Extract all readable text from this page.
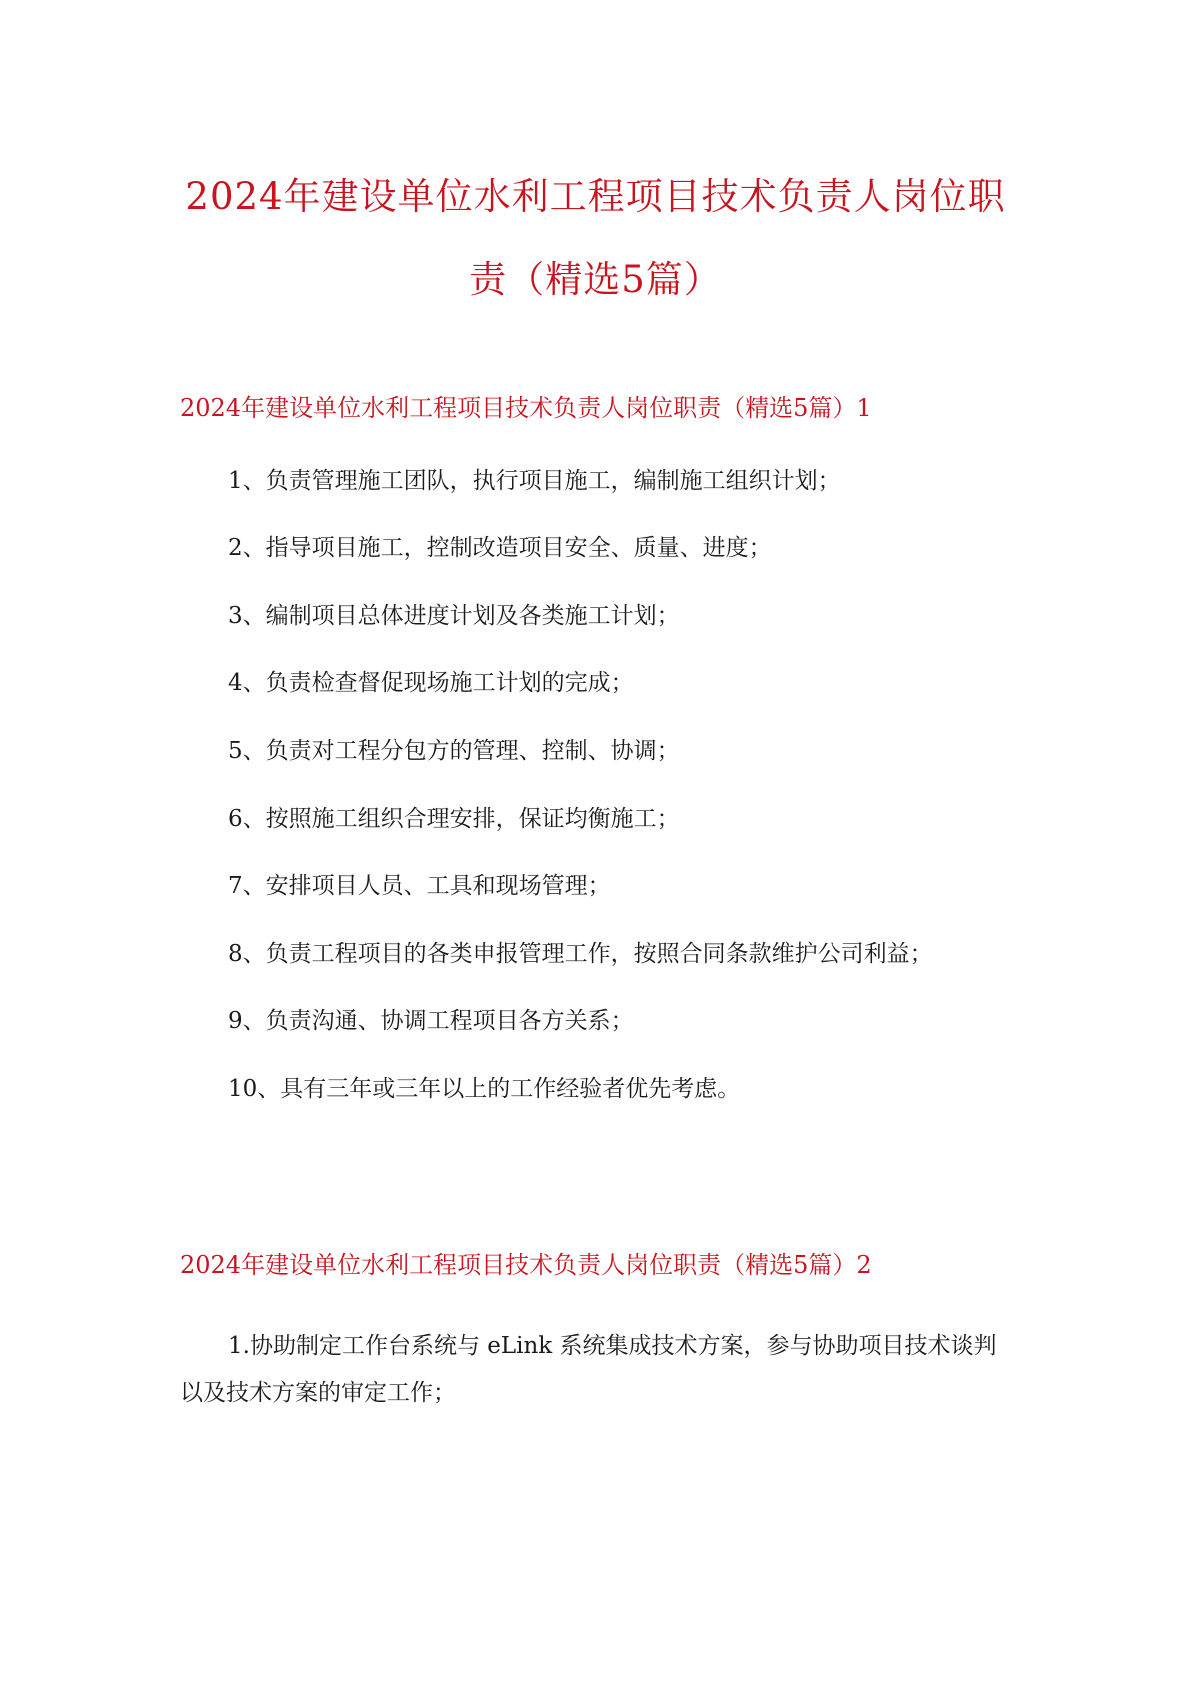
2024年建设单位水利工程项目技术负责人岗位职
责（精选5篇）
2024年建设单位水利工程项目技术负责人岗位职责（精选5篇）1

1、负责管理施工团队，执行项目施工，编制施工组织计划；

2、指导项目施工，控制改造项目安全、质量、进度；

3、编制项目总体进度计划及各类施工计划；

4、负责检查督促现场施工计划的完成；

5、负责对工程分包方的管理、控制、协调；

6、按照施工组织合理安排，保证均衡施工；

7、安排项目人员、工具和现场管理；

8、负责工程项目的各类申报管理工作，按照合同条款维护公司利益；

9、负责沟通、协调工程项目各方关系；

10、具有三年或三年以上的工作经验者优先考虑。

2024年建设单位水利工程项目技术负责人岗位职责（精选5篇）2

1.协助制定工作台系统与 eLink 系统集成技术方案，参与协助项目技术谈判
以及技术方案的审定工作；
